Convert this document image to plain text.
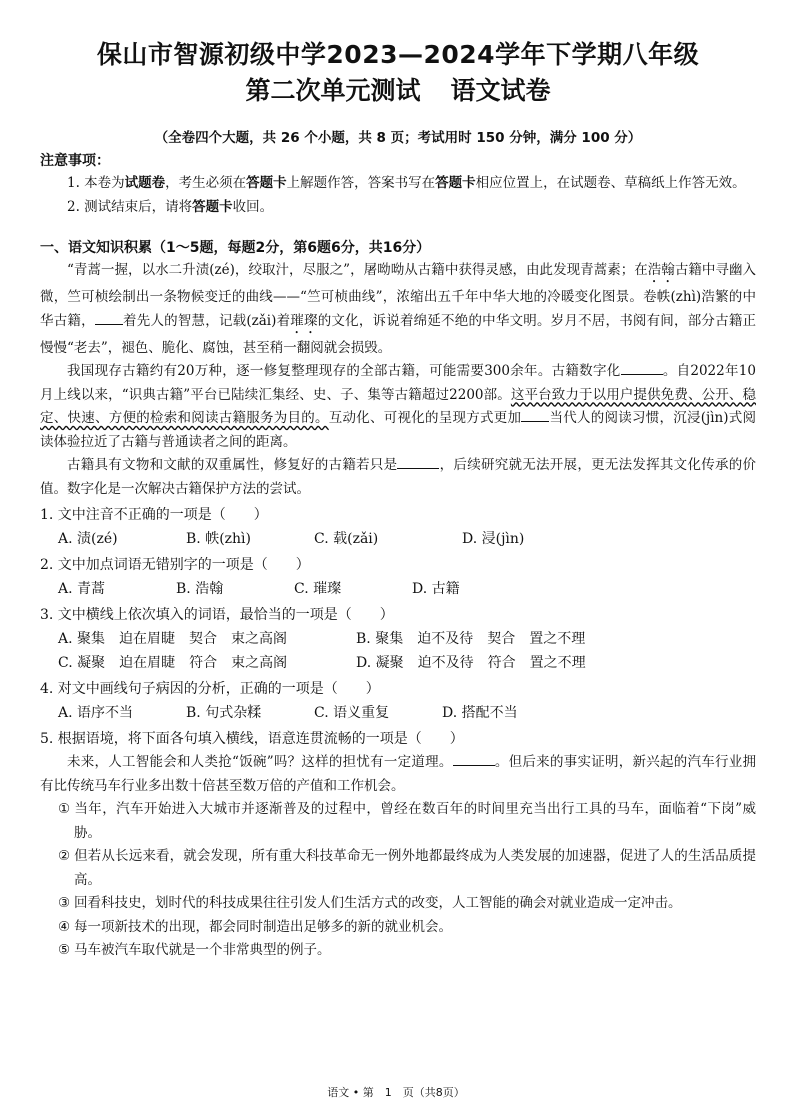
保山市智源初级中学2023—2024学年下学期八年级
第二次单元测试 语文试卷
（全卷四个大题，共 26 个小题，共 8 页；考试用时 150 分钟，满分 100 分）
注意事项：
1. 本卷为试题卷，考生必须在答题卡上解题作答，答案书写在答题卡相应位置上，在试题卷、草稿纸上作答无效。
2. 测试结束后，请将答题卡收回。
一、语文知识积累（1～5题，每题2分，第6题6分，共16分）
“青蒿一握，以水二升渍(zé)，绞取汁，尽服之”，屠呦呦从古籍中获得灵感，由此发现青蒿素；在浩翰古籍中寻幽入微，竺可桢绘制出一条物候变迁的曲线——“竺可桢曲线”，浓缩出五千年中华大地的冷暖变化图景。卷帙(zhì)浩繁的中华古籍， 着先人的智慧，记载(zǎi)着璀璨的文化，诉说着绵延不绝的中华文明。岁月不居，书阅有间，部分古籍正慢慢“老去”，褪色、脆化、腐蚀，甚至稍一翻阅就会损毁。
我国现存古籍约有20万种，逐一修复整理现存的全部古籍，可能需要300余年。古籍数字化	。自2022年10月上线以来，“识典古籍”平台已陆续汇集经、史、子、集等古籍超过2200部。这平台致力于以用户提供免费、公开、稳定、快速、方便的检索和阅读古籍服务为目的。互动化、可视化的呈现方式更加 当代人的阅读习惯，沉浸(jìn)式阅读体验拉近了古籍与普通读者之间的距离。
古籍具有文物和文献的双重属性，修复好的古籍若只是	，后续研究就无法开展，更无法发挥其文化传承的价值。数字化是一次解决古籍保护方法的尝试。
1. 文中注音不正确的一项是（　　）
A. 渍(zé)	B. 帙(zhì)	C. 载(zǎi)	D. 浸(jìn)
2. 文中加点词语无错别字的一项是（　　）
A. 青蒿	B. 浩翰	C. 璀璨	D. 古籍
3. 文中横线上依次填入的词语，最恰当的一项是（　　）
A. 聚集　迫在眉睫　契合　束之高阁	B. 聚集　迫不及待　契合　置之不理
C. 凝聚　迫在眉睫　符合　束之高阁	D. 凝聚　迫不及待　符合　置之不理
4. 对文中画线句子病因的分析，正确的一项是（　　）
A. 语序不当	B. 句式杂糅	C. 语义重复	D. 搭配不当
5. 根据语境，将下面各句填入横线，语意连贯流畅的一项是（　　）
未来，人工智能会和人类抢“饭碗”吗？这样的担忧有一定道理。	。但后来的事实证明，新兴起的汽车行业拥有比传统马车行业多出数十倍甚至数万倍的产值和工作机会。
① 当年，汽车开始进入大城市并逐渐普及的过程中，曾经在数百年的时间里充当出行工具的马车，面临着“下岗”威胁。
② 但若从长远来看，就会发现，所有重大科技革命无一例外地都最终成为人类发展的加速器，促进了人的生活品质提高。
③ 回看科技史，划时代的科技成果往往引发人们生活方式的改变，人工智能的确会对就业造成一定冲击。
④ 每一项新技术的出现，都会同时制造出足够多的新的就业机会。
⑤ 马车被汽车取代就是一个非常典型的例子。
语文 • 第　1　页（共8页）
